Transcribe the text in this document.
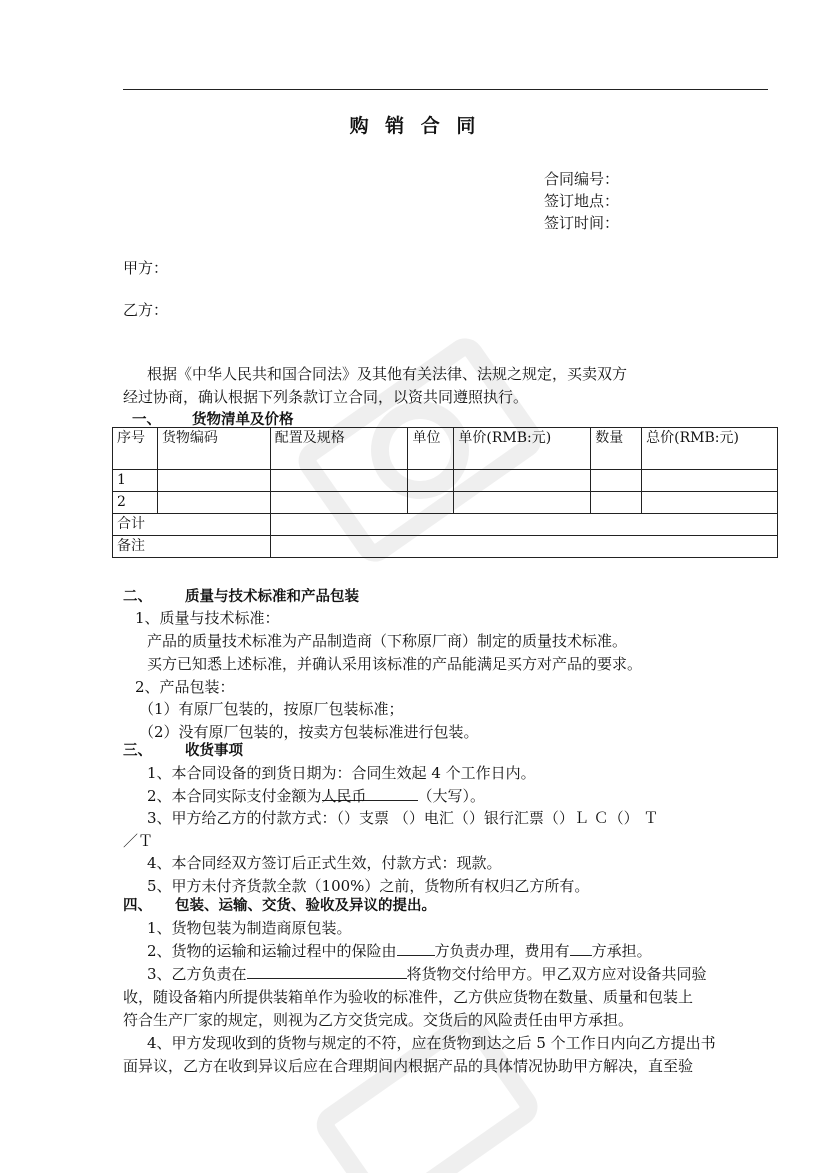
购 销 合 同
合同编号：
签订地点：
签订时间：
甲方：
乙方：
根据《中华人民共和国合同法》及其他有关法律、法规之规定，买卖双方
经过协商，确认根据下列条款订立合同，以资共同遵照执行。
一、 货物清单及价格
序号	货物编码	配置及规格	单位	单价(RMB:元)	数量	总价(RMB:元)
1						
2						
合计						
备注						
二、 质量与技术标准和产品包装
1、质量与技术标准：
产品的质量技术标准为产品制造商（下称原厂商）制定的质量技术标准。
买方已知悉上述标准，并确认采用该标准的产品能满足买方对产品的要求。
2、产品包装：
（1）有原厂包装的，按原厂包装标准；
（2）没有原厂包装的，按卖方包装标准进行包装。
三、 收货事项
1、本合同设备的到货日期为：合同生效起 4 个工作日内。
2、本合同实际支付金额为人民币	（大写）。
3、甲方给乙方的付款方式：（）支票 （）电汇（）银行汇票（）Ｌ Ｃ（） Ｔ
／Ｔ
4、本合同经双方签订后正式生效，付款方式：现款。
5、甲方未付齐货款全款（100%）之前，货物所有权归乙方所有。
四、 包装、运输、交货、验收及异议的提出。
1、货物包装为制造商原包装。
2、货物的运输和运输过程中的保险由	方负责办理，费用有 方承担。
3、乙方负责在	将货物交付给甲方。甲乙双方应对设备共同验
收，随设备箱内所提供装箱单作为验收的标准件，乙方供应货物在数量、质量和包装上
符合生产厂家的规定，则视为乙方交货完成。交货后的风险责任由甲方承担。
4、甲方发现收到的货物与规定的不符，应在货物到达之后 5 个工作日内向乙方提出书
面异议，乙方在收到异议后应在合理期间内根据产品的具体情况协助甲方解决，直至验
